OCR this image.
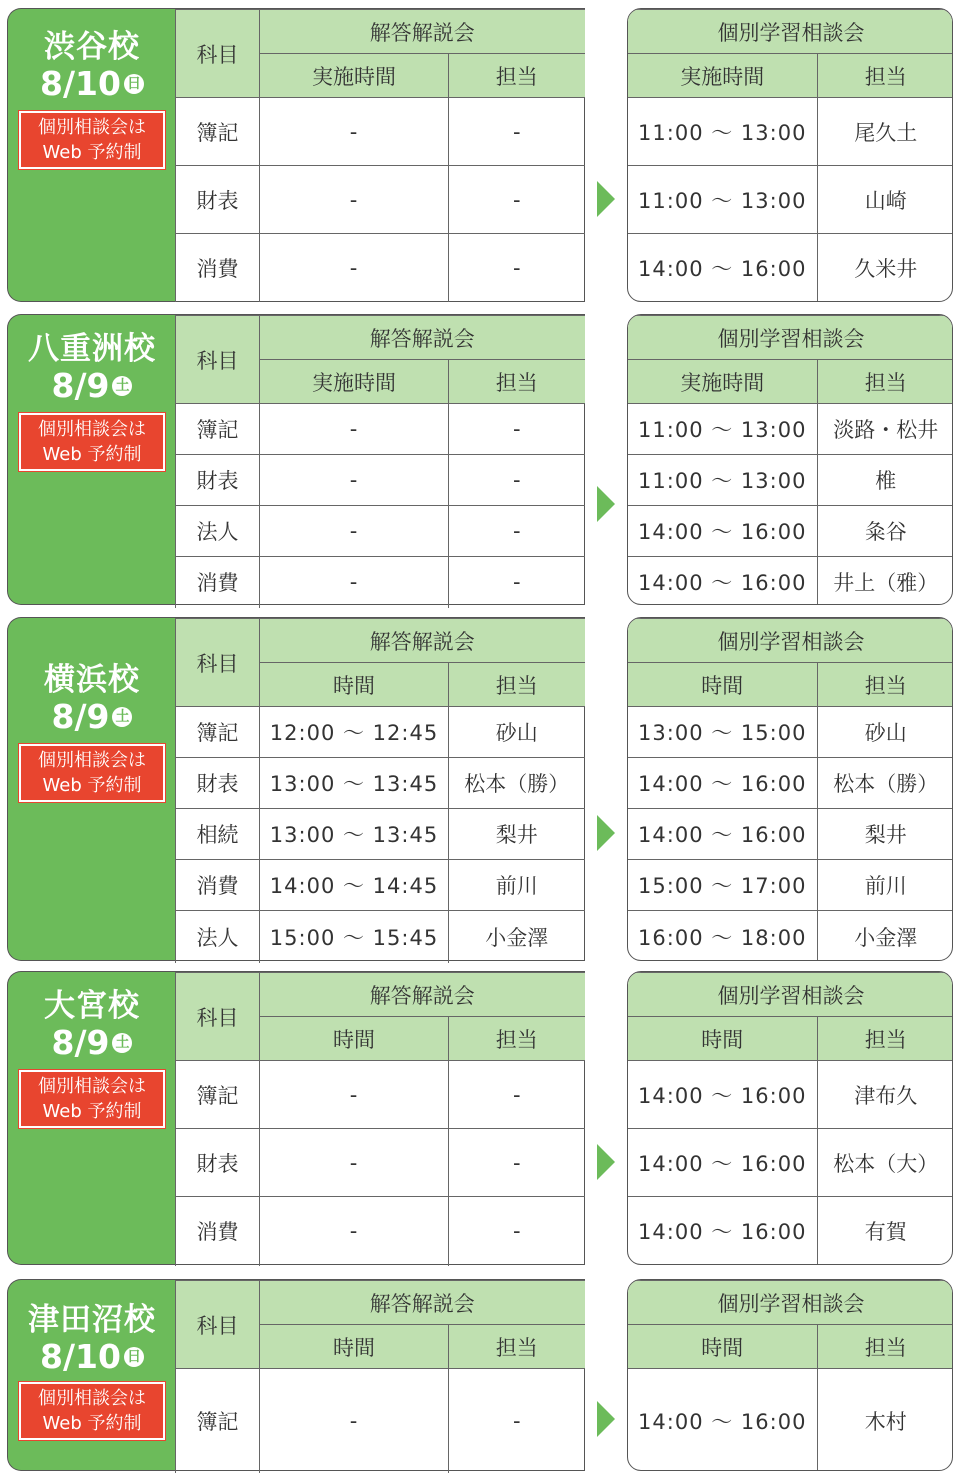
渋谷校
8/10 日
個別相談会は
Web 予約制
科目	解答解説会	
	実施時間	担当
簿記	-	-
財表	-	-
消費	-	-
個別学習相談会	
実施時間	担当
11:00 ～ 13:00	尾久土
11:00 ～ 13:00	山崎
14:00 ～ 16:00	久米井
八重洲校
8/9 土
個別相談会は
Web 予約制
科目	解答解説会	
	実施時間	担当
簿記	-	-
財表	-	-
法人	-	-
消費	-	-
個別学習相談会	
実施時間	担当
11:00 ～ 13:00	淡路・松井
11:00 ～ 13:00	椎
14:00 ～ 16:00	粂谷
14:00 ～ 16:00	井上（雅）
横浜校
8/9 土
個別相談会は
Web 予約制
科目	解答解説会	
	時間	担当
簿記	12:00 ～ 12:45	砂山
財表	13:00 ～ 13:45	松本（勝）
相続	13:00 ～ 13:45	梨井
消費	14:00 ～ 14:45	前川
法人	15:00 ～ 15:45	小金澤
個別学習相談会	
時間	担当
13:00 ～ 15:00	砂山
14:00 ～ 16:00	松本（勝）
14:00 ～ 16:00	梨井
15:00 ～ 17:00	前川
16:00 ～ 18:00	小金澤
大宮校
8/9 土
個別相談会は
Web 予約制
科目	解答解説会	
	時間	担当
簿記	-	-
財表	-	-
消費	-	-
個別学習相談会	
時間	担当
14:00 ～ 16:00	津布久
14:00 ～ 16:00	松本（大）
14:00 ～ 16:00	有賀
津田沼校
8/10 日
個別相談会は
Web 予約制
科目	解答解説会	
	時間	担当
簿記	-	-
個別学習相談会	
時間	担当
14:00 ～ 16:00	木村
